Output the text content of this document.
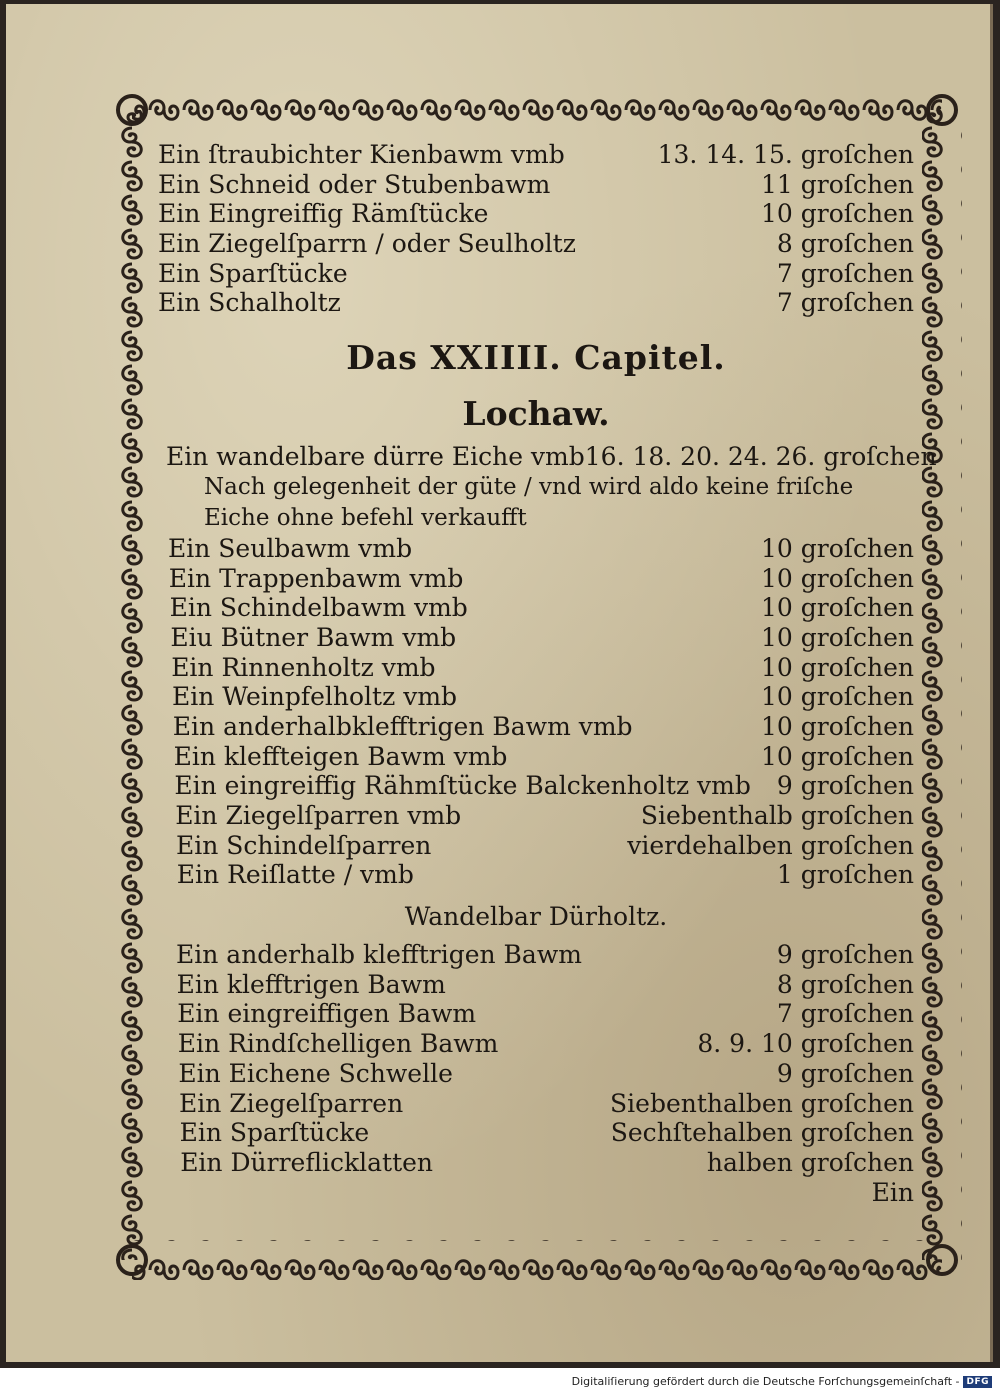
Ein ſtraubichter Kienbawm vmb	13. 14. 15. groſchen
Ein Schneid oder Stubenbawm	11 groſchen
Ein Eingreiffig Rämſtücke	10 groſchen
Ein Ziegelſparrn / oder Seulholtz	8 groſchen
Ein Sparſtücke	7 groſchen
Ein Schalholtz	7 groſchen
Das XXIIII. Capitel.
Lochaw.
Ein wandelbare dürre Eiche vmb 16. 18. 20. 24. 26. groſchen
Nach gelegenheit der güte / vnd wird aldo keine friſche Eiche ohne befehl verkaufft
Ein Seulbawm vmb	10 groſchen
Ein Trappenbawm vmb	10 groſchen
Ein Schindelbawm vmb	10 groſchen
Eiu Bütner Bawm vmb	10 groſchen
Ein Rinnenholtz vmb	10 groſchen
Ein Weinpfelholtz vmb	10 groſchen
Ein anderhalbklefftrigen Bawm vmb	10 groſchen
Ein kleffteigen Bawm vmb	10 groſchen
Ein eingreiffig Rähmſtücke Balckenholtz vmb 9 groſchen
Ein Ziegelſparren vmb	Siebenthalb groſchen
Ein Schindelſparren	vierdehalben groſchen
Ein Reiſlatte / vmb	1 groſchen
Wandelbar Dürholtz.
Ein anderhalb klefftrigen Bawm	9 groſchen
Ein klefftrigen Bawm	8 groſchen
Ein eingreiffigen Bawm	7 groſchen
Ein Rindſchelligen Bawm	8. 9. 10 groſchen
Ein Eichene Schwelle	9 groſchen
Ein Ziegelſparren	Siebenthalben groſchen
Ein Sparſtücke	Sechſtehalben groſchen
Ein Dürreflicklatten	halben groſchen
Ein
Digitaliſierung gefördert durch die Deutsche Forſchungsgemeinſchaft - DFG
